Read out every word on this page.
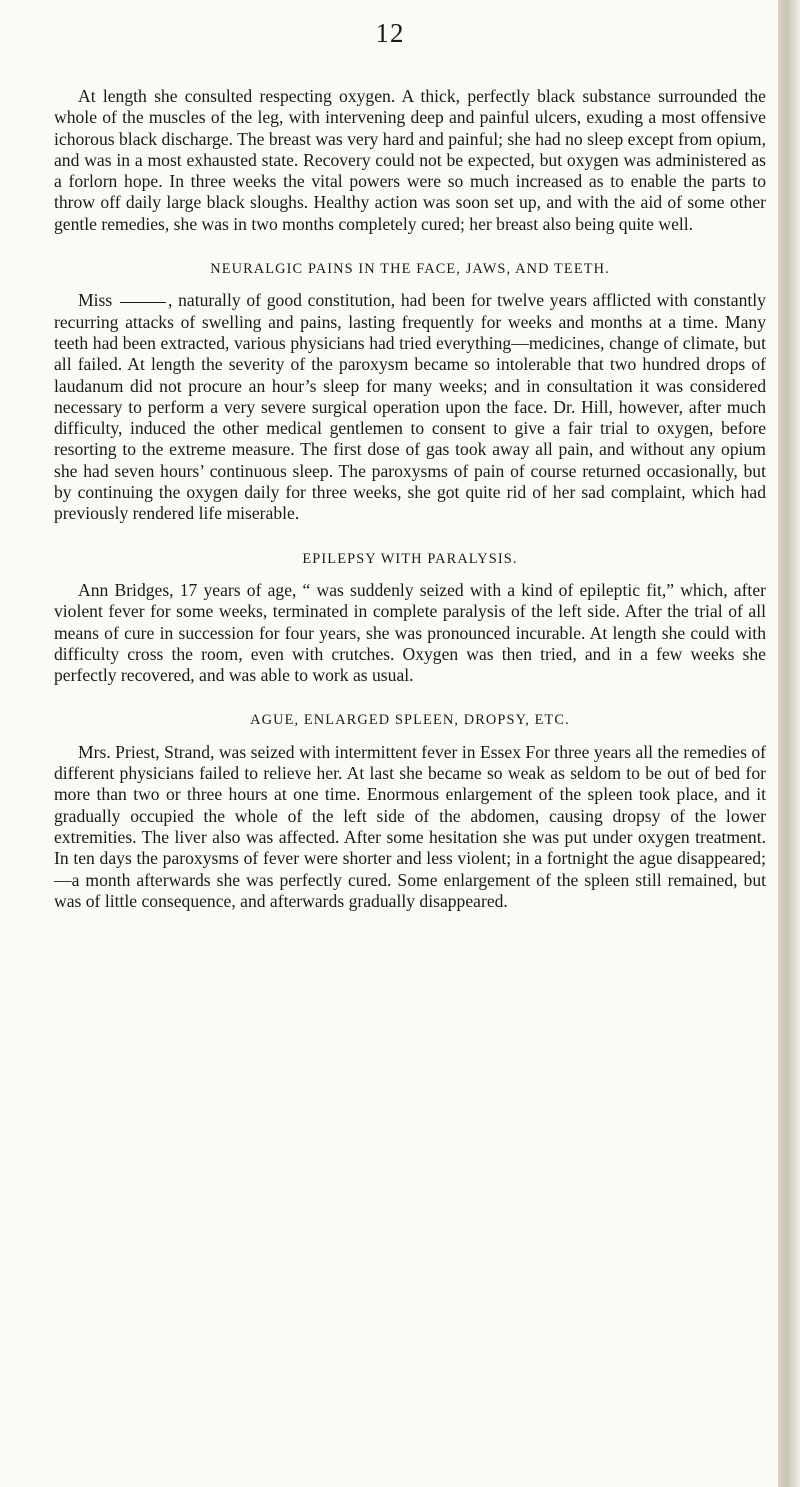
12

At length she consulted respecting oxygen. A thick, perfectly black substance surrounded the whole of the muscles of the leg, with intervening deep and painful ulcers, exuding a most offensive ichorous black discharge. The breast was very hard and painful; she had no sleep except from opium, and was in a most exhausted state. Recovery could not be expected, but oxygen was administered as a forlorn hope. In three weeks the vital powers were so much increased as to enable the parts to throw off daily large black sloughs. Healthy action was soon set up, and with the aid of some other gentle remedies, she was in two months completely cured; her breast also being quite well.

NEURALGIC PAINS IN THE FACE, JAWS, AND TEETH.

Miss	, naturally of good constitution, had been for twelve years afflicted with constantly recurring attacks of swelling and pains, lasting frequently for weeks and months at a time. Many teeth had been extracted, various physicians had tried everything—medicines, change of climate, but all failed. At length the severity of the paroxysm became so intolerable that two hundred drops of laudanum did not procure an hour’s sleep for many weeks; and in consultation it was considered necessary to perform a very severe surgical operation upon the face. Dr. Hill, however, after much difficulty, induced the other medical gentlemen to consent to give a fair trial to oxygen, before resorting to the extreme measure. The first dose of gas took away all pain, and without any opium she had seven hours’ continuous sleep. The paroxysms of pain of course returned occasionally, but by continuing the oxygen daily for three weeks, she got quite rid of her sad complaint, which had previously rendered life miserable.

EPILEPSY WITH PARALYSIS.

Ann Bridges, 17 years of age, “ was suddenly seized with a kind of epileptic fit,” which, after violent fever for some weeks, terminated in complete paralysis of the left side. After the trial of all means of cure in succession for four years, she was pronounced incurable. At length she could with difficulty cross the room, even with crutches. Oxygen was then tried, and in a few weeks she perfectly recovered, and was able to work as usual.

AGUE, ENLARGED SPLEEN, DROPSY, ETC.

Mrs. Priest, Strand, was seized with intermittent fever in Essex For three years all the remedies of different physicians failed to relieve her. At last she became so weak as seldom to be out of bed for more than two or three hours at one time. Enormous enlargement of the spleen took place, and it gradually occupied the whole of the left side of the abdomen, causing dropsy of the lower extremities. The liver also was affected. After some hesitation she was put under oxygen treatment. In ten days the paroxysms of fever were shorter and less violent; in a fortnight the ague disappeared;—a month afterwards she was perfectly cured. Some enlargement of the spleen still remained, but was of little consequence, and afterwards gradually disappeared.
